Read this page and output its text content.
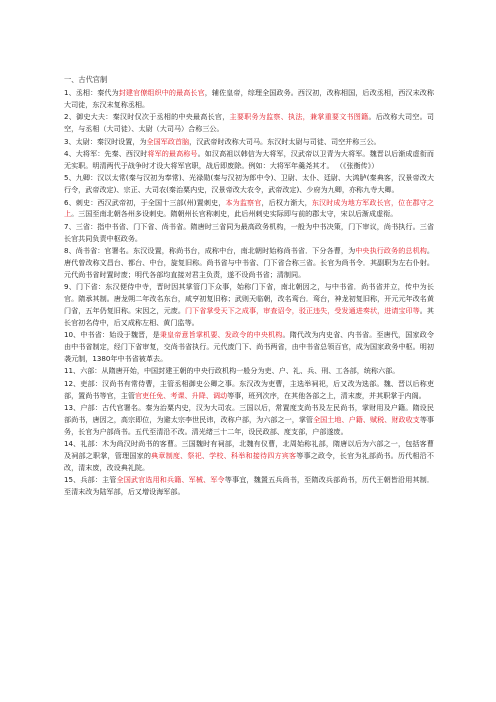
一、古代官制
1、丞相：秦代为封建官僚组织中的最高长官，辅佐皇帝，综理全国政务。西汉初，改称相国，后改丞相，西汉末改称大司徒，东汉末复称丞相。
2、御史大夫：秦汉时仅次于丞相的中央最高长官，主要职务为监察、执法，兼掌重要文书图籍。后改称大司空。司空，与丞相（大司徒）、太尉（大司马）合称三公。
3、太尉：秦汉时设置，为全国军政首脑，汉武帝时改称大司马。东汉时太尉与司徒、司空并称三公。
4、大将军：先秦、西汉时将军的最高称号。如汉高祖以韩信为大将军，汉武帝以卫青为大将军。魏晋以后渐成虚衔而无实职。明清两代于战争时才设大将军官职，战后即废除。例如：大将军年羹尧其才。 （《张衡传》）
5、九卿：汉以太常(秦与汉初为奉常)、光禄勋(秦与汉初为郎中令)、卫尉、太仆、廷尉、大鸿胪(秦典客，汉景帝改大行令，武帝改定)、宗正、大司农(秦治粟内史，汉景帝改大农令，武帝改定)、少府为九卿，亦称九寺大卿。
6、刺史：西汉武帝初，于全国十三部(州)置刺史，本为监察官，后权力渐大，东汉时成为地方军政长官，位在郡守之上。三国至南北朝各州多设刺史。隋朝州长官称刺史，此后州刺史实际即与前的郡太守，宋以后渐成虚衔。
7、三省：指中书省、门下省、尚书省。隋唐时三省同为最高政务机构，一般为中书决策，门下审议，尚书执行。三省长官共同负责中枢政务。
8、尚书省：官署名。东汉设置，称尚书台，成称中台，南北朝时始称尚书省．下分各曹，为中央执行政务的总机构。唐代曾改称文昌台、都台、中台，旋复旧称。尚书省与中书省、门下省合称三省。长官为尚书令．其副职为左右仆射。元代尚书省时置时废；明代各部均直接对君主负责，遂不设尚书省；清制同。
9、门下省：东汉便侍中寺，晋时因其掌管门下众事，始称门下省，南北朝因之，与中书省．尚书省并立，传中为长官。隋承其制。唐龙朔二年改名东台，咸亨初复旧称；武则天临朝，改名鸾台．鸾台，神龙初复旧称，开元元年改名黄门省，五年仍复旧称。宋因之，元废。门下省掌受天下之成事，审查诏令，驳正违失，受发通进奏状，进请宝印等。其长官初名侍中，后又成称左相、黄门监等。
10、中书省：始设于魏晋，是秉皇帝意旨掌机要、发政令的中央机构。隋代改为内史省、内书省。至唐代，国家政令由中书省制定，经门下省审复，交尚书省执行。元代废门下、尚书两省，由中书省总领百官，成为国家政务中枢。明初袭元制，1380年中书省被革去。
11、六部：从隋唐开始，中国封建王朝的中央行政机构一般分为吏、户、礼、兵、刑、工各部，统称六部。
12、吏部：汉尚书有常侍曹，主管丞相御史公卿之事。东汉改为吏曹，主选举祠祀，后又改为选部。魏、晋以后称吏部，置尚书等官，主管官吏任免、考课、升降、调动等事，班列次序，在其他各部之上，清末废，并其职掌于内阁。
13、户部：古代官署名。秦为治粟内史，汉为大司农。三国以后，常置度支尚书及左民尚书，掌财用及户籍。隋设民部尚书，唐因之，高宗即位，为避太宗李世民讳，改称户部，为六部之一，掌管全国土地、户籍、赋税、财政收支等事务，长官为户部尚书。五代至清沿不改。清光绪三十二年，设民政部、度支部，户部遂废。
14、礼部：木为尚汉时尚书的客曹。三国魏时有祠部，北魏有仪曹，北周始称礼部，隋唐以后为六部之一，包括客曹及祠部之职掌，管理国家的典章制度、祭祀、学校、科举和接待四方宾客等事之政令，长官为礼部尚书。历代相沿不改，清末废，改设典礼院。
15、兵部：主管全国武官选用和兵籍、军械、军令等事宜，魏置五兵尚书，至隋改兵部尚书，历代王朝皆沿用其制．至清末改为陆军部，后又增设海军部。
